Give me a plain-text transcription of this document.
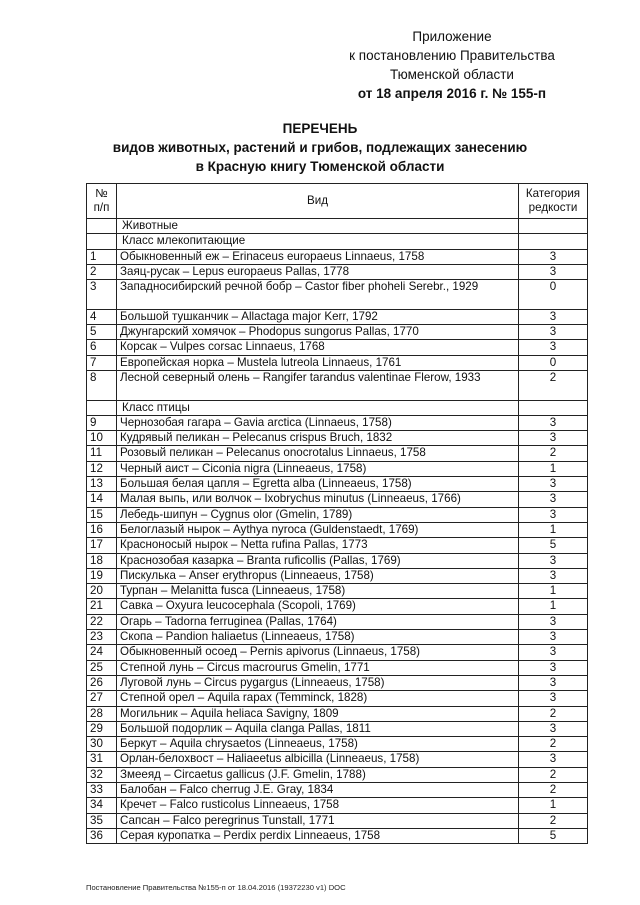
Приложение
к постановлению Правительства
Тюменской области
от 18 апреля 2016 г. № 155-п
ПЕРЕЧЕНЬ
видов животных, растений и грибов, подлежащих занесению
в Красную книгу Тюменской области
№ п/п	Вид	Категория редкости
	Животные	
	Класс млекопитающие	
1	Обыкновенный еж – Erinaceus europaeus Linnaeus, 1758	3
2	Заяц-русак – Lepus europaeus Pallas, 1778	3
3	Западносибирский речной бобр – Castor fiber phoheli Serebr., 1929	0
4	Большой тушканчик – Allactaga major Kerr, 1792	3
5	Джунгарский хомячок – Phodopus sungorus Pallas, 1770	3
6	Корсак – Vulpes corsac Linnaeus, 1768	3
7	Европейская норка – Mustela lutreola Linnaeus, 1761	0
8	Лесной северный олень – Rangifer tarandus valentinae Flerow, 1933	2
	Класс птицы	
9	Чернозобая гагара – Gavia arctica (Linnaeus, 1758)	3
10	Кудрявый пеликан – Pelecanus crispus Bruch, 1832	3
11	Розовый пеликан – Pelecanus onocrotalus Linnaeus, 1758	2
12	Черный аист – Ciconia nigra (Linneaeus, 1758)	1
13	Большая белая цапля – Egretta alba (Linneaeus, 1758)	3
14	Малая выпь, или волчок – Ixobrychus minutus (Linneaeus, 1766)	3
15	Лебедь-шипун – Cygnus olor (Gmelin, 1789)	3
16	Белоглазый нырок – Aythya nyroca (Guldenstaedt, 1769)	1
17	Красноносый нырок – Netta rufina Pallas, 1773	5
18	Краснозобая казарка – Branta ruficollis (Pallas, 1769)	3
19	Пискулька – Anser erythropus (Linneaeus, 1758)	3
20	Турпан – Melanitta fusca (Linneaeus, 1758)	1
21	Савка – Oxyura leucocephala (Scopoli, 1769)	1
22	Огарь – Tadorna ferruginea (Pallas, 1764)	3
23	Скопа – Pandion haliaetus (Linneaeus, 1758)	3
24	Обыкновенный осоед – Pernis apivorus (Linnaeus, 1758)	3
25	Степной лунь – Circus macrourus Gmelin, 1771	3
26	Луговой лунь – Circus pygargus (Linneaeus, 1758)	3
27	Степной орел – Aquila rapax (Temminck, 1828)	3
28	Могильник – Aquila heliaca Savigny, 1809	2
29	Большой подорлик – Aquila clanga Pallas, 1811	3
30	Беркут – Aquila chrysaetos (Linneaeus, 1758)	2
31	Орлан-белохвост – Haliaeetus albicilla (Linneaeus, 1758)	3
32	Змееяд – Circaetus gallicus (J.F. Gmelin, 1788)	2
33	Балобан – Falco cherrug J.E. Gray, 1834	2
34	Кречет – Falco rusticolus Linneaeus, 1758	1
35	Сапсан – Falco peregrinus Tunstall, 1771	2
36	Серая куропатка – Perdix perdix Linneaeus, 1758	5
Постановление Правительства №155-п от 18.04.2016 (19372230 v1) DOC
